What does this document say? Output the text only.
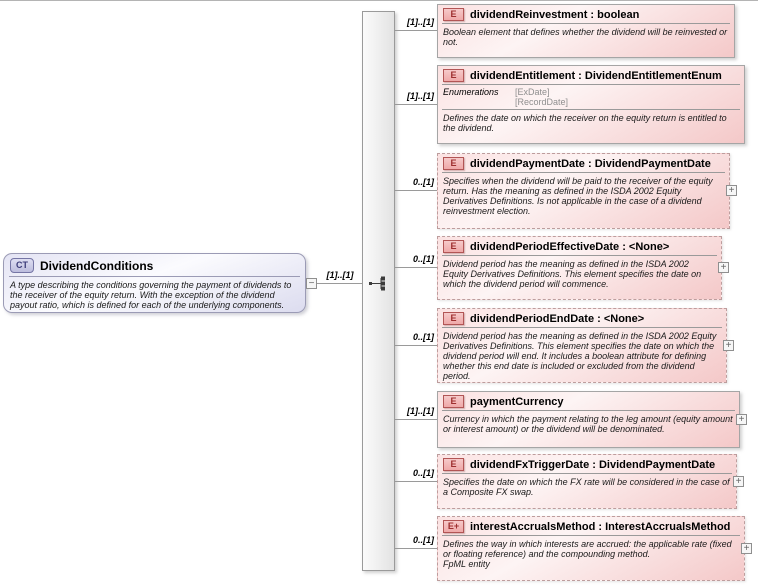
CT	DividendConditions
A type describing the conditions governing the payment of dividends to the receiver of the equity return. With the exception of the dividend payout ratio, which is defined for each of the underlying components.
−
[1]..[1]
[1]..[1]
E	dividendReinvestment : boolean
Boolean element that defines whether the dividend will be reinvested or not.
[1]..[1]
E	dividendEntitlement : DividendEntitlementEnum
Enumerations	[ExDate]
[RecordDate]
Defines the date on which the receiver on the equity return is entitled to the dividend.
0..[1]
E	dividendPaymentDate : DividendPaymentDate
Specifies when the dividend will be paid to the receiver of the equity return. Has the meaning as defined in the ISDA 2002 Equity Derivatives Definitions. Is not applicable in the case of a dividend reinvestment election.
+
0..[1]
E	dividendPeriodEffectiveDate : <None>
Dividend period has the meaning as defined in the ISDA 2002 Equity Derivatives Definitions. This element specifies the date on which the dividend period will commence.
+
0..[1]
E	dividendPeriodEndDate : <None>
Dividend period has the meaning as defined in the ISDA 2002 Equity Derivatives Definitions. This element specifies the date on which the dividend period will end. It includes a boolean attribute for defining whether this end date is included or excluded from the dividend period.
+
[1]..[1]
E	paymentCurrency
Currency in which the payment relating to the leg amount (equity amount or interest amount) or the dividend will be denominated.
+
0..[1]
E	dividendFxTriggerDate : DividendPaymentDate
Specifies the date on which the FX rate will be considered in the case of a Composite FX swap.
+
0..[1]
E+ interestAccrualsMethod : InterestAccrualsMethod
Defines the way in which interests are accrued: the applicable rate (fixed or floating reference) and the compounding method.
FpML entity
+
